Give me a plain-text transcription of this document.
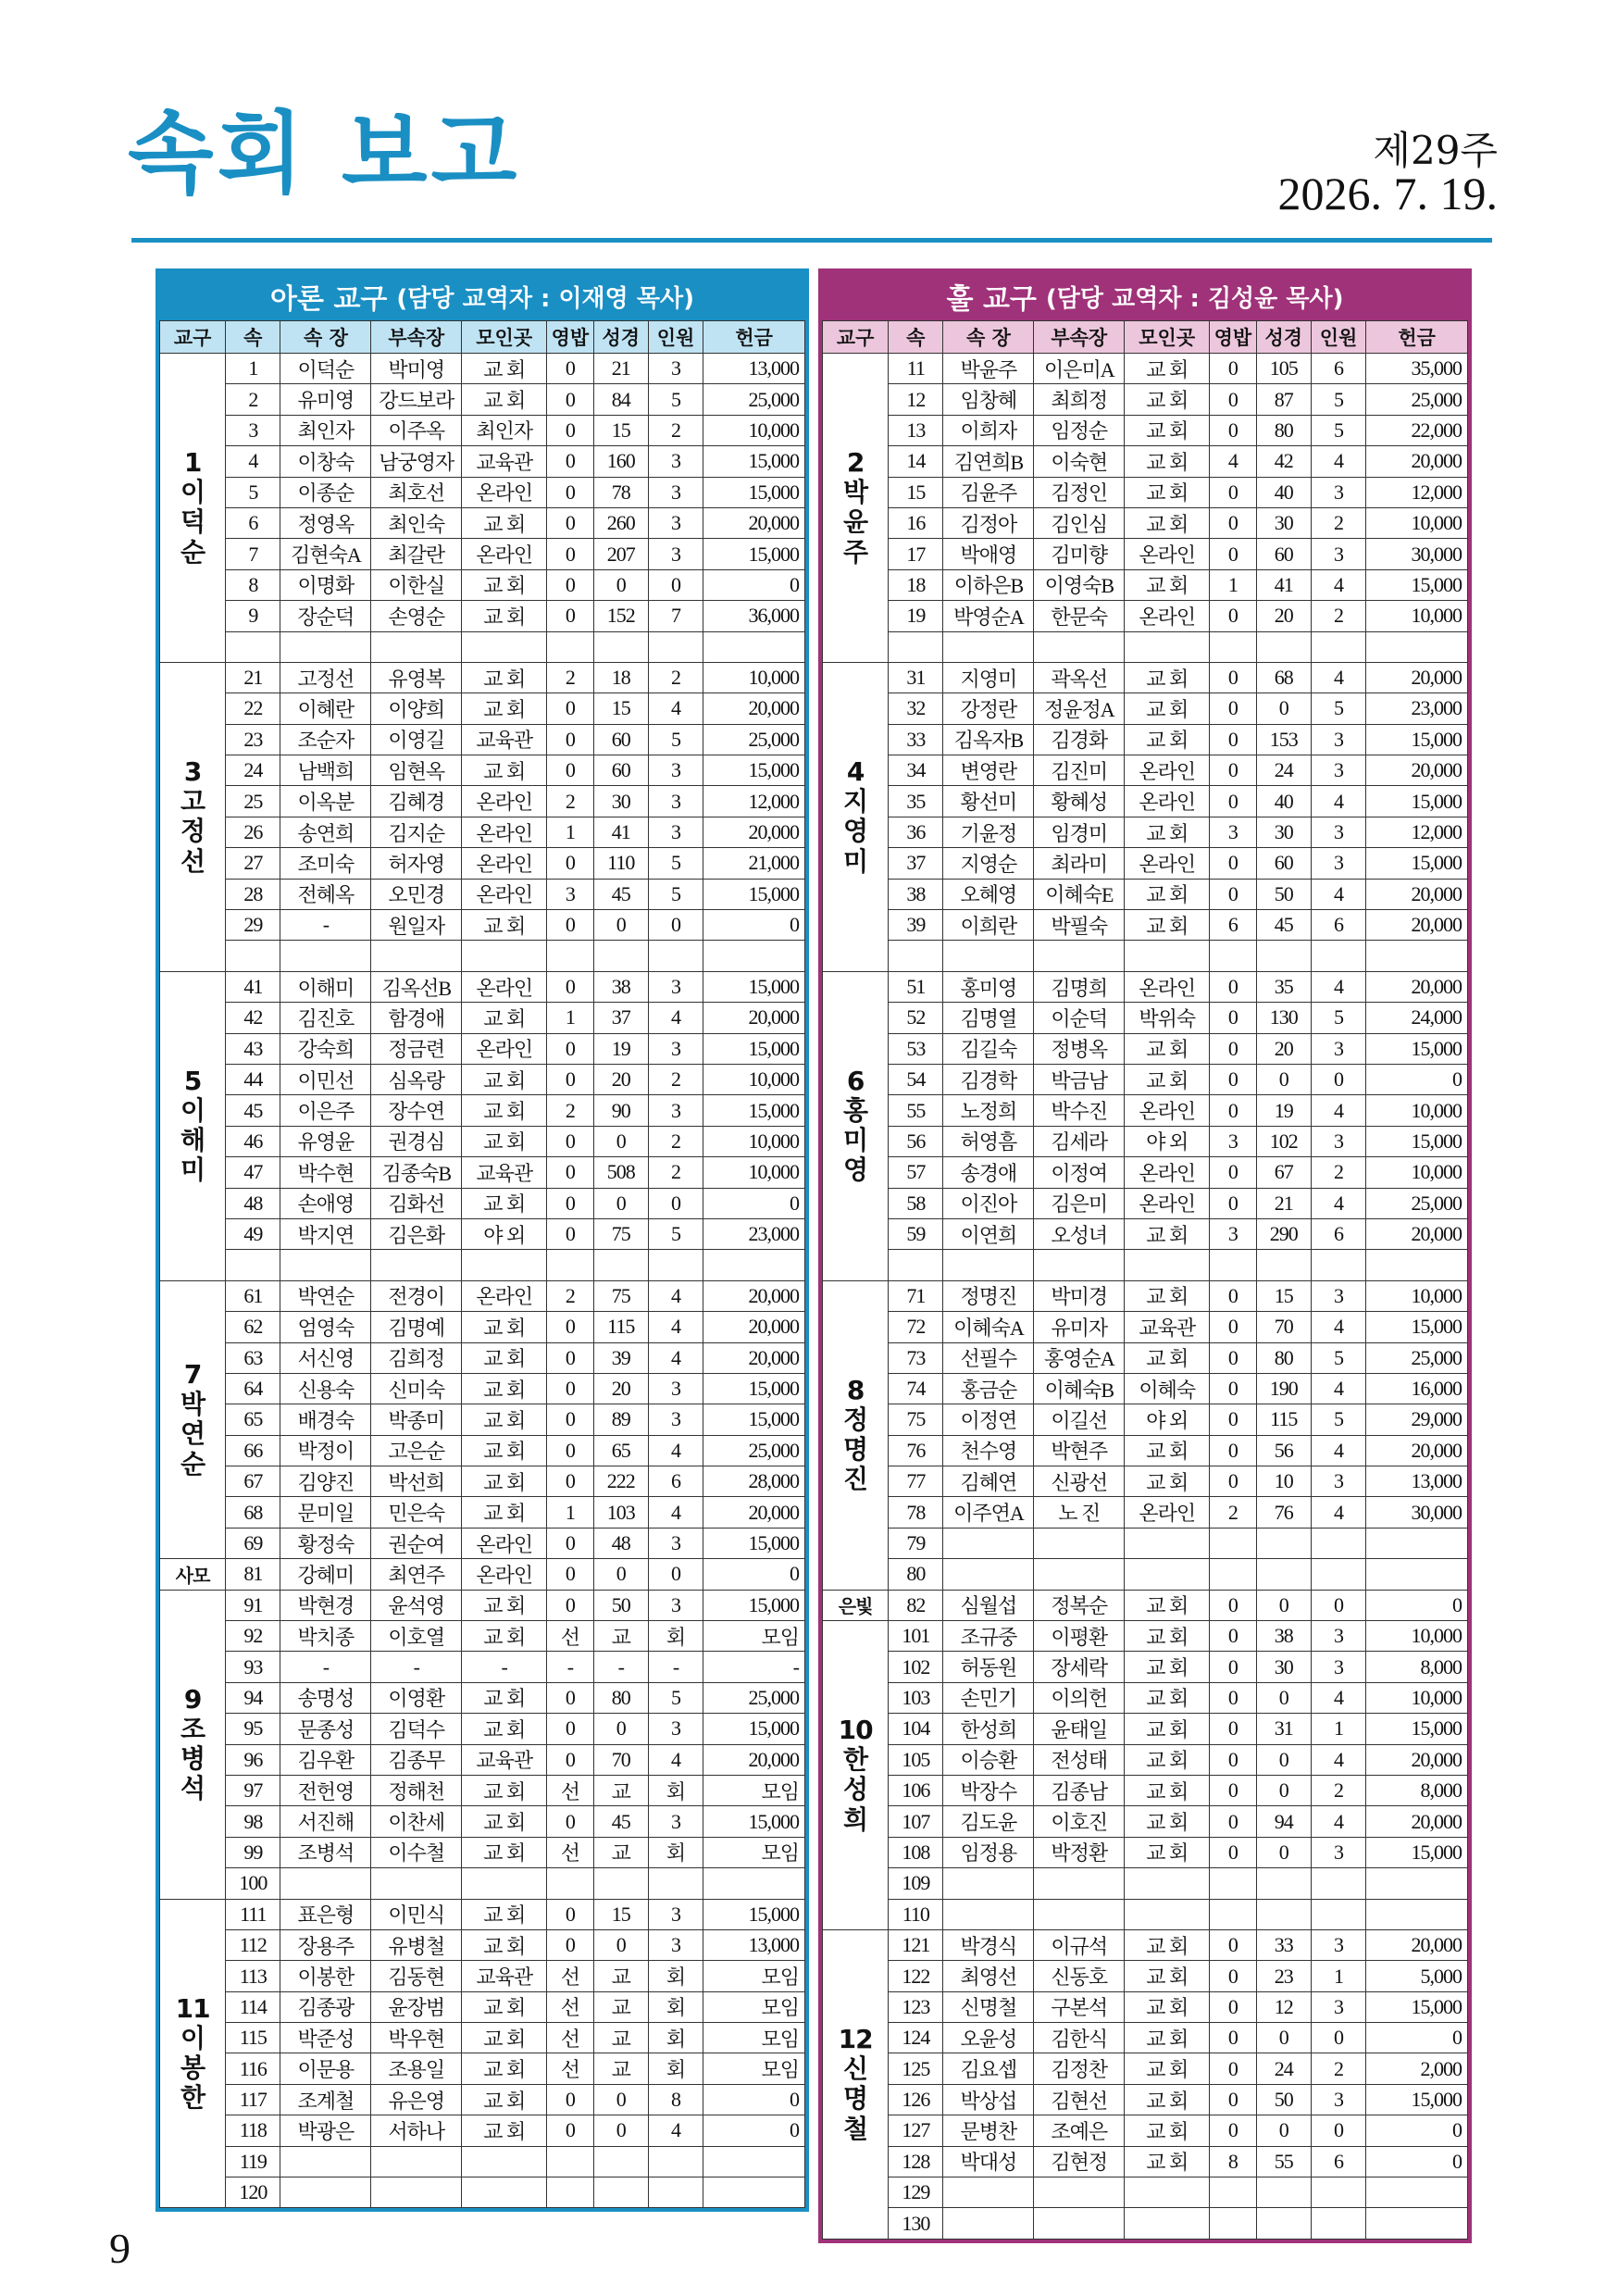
속회 보고	제29주
2026. 7. 19.
아론 교구 (담당 교역자 : 이재영 목사)
교구	속	속 장	부속장	모인곳	영밥	성경	인원	헌금

1
이
덕
순	1	이덕순	박미영	교 회	0	21	3	13,000
	2	유미영	강드보라	교 회	0	84	5	25,000
	3	최인자	이주옥	최인자	0	15	2	10,000
	4	이창숙	남궁영자	교육관	0	160	3	15,000
	5	이종순	최호선	온라인	0	78	3	15,000
	6	정영옥	최인숙	교 회	0	260	3	20,000
	7	김현숙A	최갈란	온라인	0	207	3	15,000
	8	이명화	이한실	교 회	0	0	0	0
	9	장순덕	손영순	교 회	0	152	7	36,000

3
고
정
선	21	고정선	유영복	교 회	2	18	2	10,000
	22	이혜란	이양희	교 회	0	15	4	20,000
	23	조순자	이영길	교육관	0	60	5	25,000
	24	남백희	임현옥	교 회	0	60	3	15,000
	25	이옥분	김혜경	온라인	2	30	3	12,000
	26	송연희	김지순	온라인	1	41	3	20,000
	27	조미숙	허자영	온라인	0	110	5	21,000
	28	전혜옥	오민경	온라인	3	45	5	15,000
	29	-	원일자	교 회	0	0	0	0

5
이
해
미	41	이해미	김옥선B	온라인	0	38	3	15,000
	42	김진호	함경애	교 회	1	37	4	20,000
	43	강숙희	정금련	온라인	0	19	3	15,000
	44	이민선	심옥랑	교 회	0	20	2	10,000
	45	이은주	장수연	교 회	2	90	3	15,000
	46	유영윤	권경심	교 회	0	0	2	10,000
	47	박수현	김종숙B	교육관	0	508	2	10,000
	48	손애영	김화선	교 회	0	0	0	0
	49	박지연	김은화	야 외	0	75	5	23,000

7
박
연
순	61	박연순	전경이	온라인	2	75	4	20,000
	62	엄영숙	김명예	교 회	0	115	4	20,000
	63	서신영	김희정	교 회	0	39	4	20,000
	64	신용숙	신미숙	교 회	0	20	3	15,000
	65	배경숙	박종미	교 회	0	89	3	15,000
	66	박정이	고은순	교 회	0	65	4	25,000
	67	김양진	박선희	교 회	0	222	6	28,000
	68	문미일	민은숙	교 회	1	103	4	20,000
	69	황정숙	권순여	온라인	0	48	3	15,000
사모	81	강혜미	최연주	온라인	0	0	0	0

9
조
병
석	91	박현경	윤석영	교 회	0	50	3	15,000
	92	박치종	이호열	교 회	선	교	회	모임
	93	-	-	-	-	-	-	-
	94	송명성	이영환	교 회	0	80	5	25,000
	95	문종성	김덕수	교 회	0	0	3	15,000
	96	김우환	김종무	교육관	0	70	4	20,000
	97	전헌영	정해천	교 회	선	교	회	모임
	98	서진해	이찬세	교 회	0	45	3	15,000
	99	조병석	이수철	교 회	선	교	회	모임
	100							

11
이
봉
한	111	표은형	이민식	교 회	0	15	3	15,000
	112	장용주	유병철	교 회	0	0	3	13,000
	113	이봉한	김동현	교육관	선	교	회	모임
	114	김종광	윤장범	교 회	선	교	회	모임
	115	박준성	박우현	교 회	선	교	회	모임
	116	이문용	조용일	교 회	선	교	회	모임
	117	조계철	유은영	교 회	0	0	8	0
	118	박광은	서하나	교 회	0	0	4	0
	119							
	120							
훌 교구 (담당 교역자 : 김성윤 목사)
교구	속	속 장	부속장	모인곳	영밥	성경	인원	헌금

2
박
윤
주	11	박윤주	이은미A	교 회	0	105	6	35,000
	12	임창혜	최희정	교 회	0	87	5	25,000
	13	이희자	임정순	교 회	0	80	5	22,000
	14	김연희B	이숙현	교 회	4	42	4	20,000
	15	김윤주	김정인	교 회	0	40	3	12,000
	16	김정아	김인심	교 회	0	30	2	10,000
	17	박애영	김미향	온라인	0	60	3	30,000
	18	이하은B	이영숙B	교 회	1	41	4	15,000
	19	박영순A	한문숙	온라인	0	20	2	10,000

4
지
영
미	31	지영미	곽옥선	교 회	0	68	4	20,000
	32	강정란	정윤정A	교 회	0	0	5	23,000
	33	김옥자B	김경화	교 회	0	153	3	15,000
	34	변영란	김진미	온라인	0	24	3	20,000
	35	황선미	황혜성	온라인	0	40	4	15,000
	36	기윤정	임경미	교 회	3	30	3	12,000
	37	지영순	최라미	온라인	0	60	3	15,000
	38	오혜영	이혜숙E	교 회	0	50	4	20,000
	39	이희란	박필숙	교 회	6	45	6	20,000

6
홍
미
영	51	홍미영	김명희	온라인	0	35	4	20,000
	52	김명열	이순덕	박위숙	0	130	5	24,000
	53	김길숙	정병옥	교 회	0	20	3	15,000
	54	김경학	박금남	교 회	0	0	0	0
	55	노정희	박수진	온라인	0	19	4	10,000
	56	허영흠	김세라	야 외	3	102	3	15,000
	57	송경애	이정여	온라인	0	67	2	10,000
	58	이진아	김은미	온라인	0	21	4	25,000
	59	이연희	오성녀	교 회	3	290	6	20,000

8
정
명
진	71	정명진	박미경	교 회	0	15	3	10,000
	72	이혜숙A	유미자	교육관	0	70	4	15,000
	73	선필수	홍영순A	교 회	0	80	5	25,000
	74	홍금순	이혜숙B	이혜숙	0	190	4	16,000
	75	이정연	이길선	야 외	0	115	5	29,000
	76	천수영	박현주	교 회	0	56	4	20,000
	77	김혜연	신광선	교 회	0	10	3	13,000
	78	이주연A	노 진	온라인	2	76	4	30,000
	79							
	80							
은빛	82	심월섭	정복순	교 회	0	0	0	0

10
한
성
희	101	조규중	이평환	교 회	0	38	3	10,000
	102	허동원	장세락	교 회	0	30	3	8,000
	103	손민기	이의헌	교 회	0	0	4	10,000
	104	한성희	윤태일	교 회	0	31	1	15,000
	105	이승환	전성태	교 회	0	0	4	20,000
	106	박장수	김종남	교 회	0	0	2	8,000
	107	김도윤	이호진	교 회	0	94	4	20,000
	108	임정용	박정환	교 회	0	0	3	15,000
	109							
	110							

12
신
명
철	121	박경식	이규석	교 회	0	33	3	20,000
	122	최영선	신동호	교 회	0	23	1	5,000
	123	신명철	구본석	교 회	0	12	3	15,000
	124	오윤성	김한식	교 회	0	0	0	0
	125	김요셉	김정찬	교 회	0	24	2	2,000
	126	박상섭	김현선	교 회	0	50	3	15,000
	127	문병찬	조예은	교 회	0	0	0	0
	128	박대성	김현정	교 회	8	55	6	0
	129							
	130							
9
